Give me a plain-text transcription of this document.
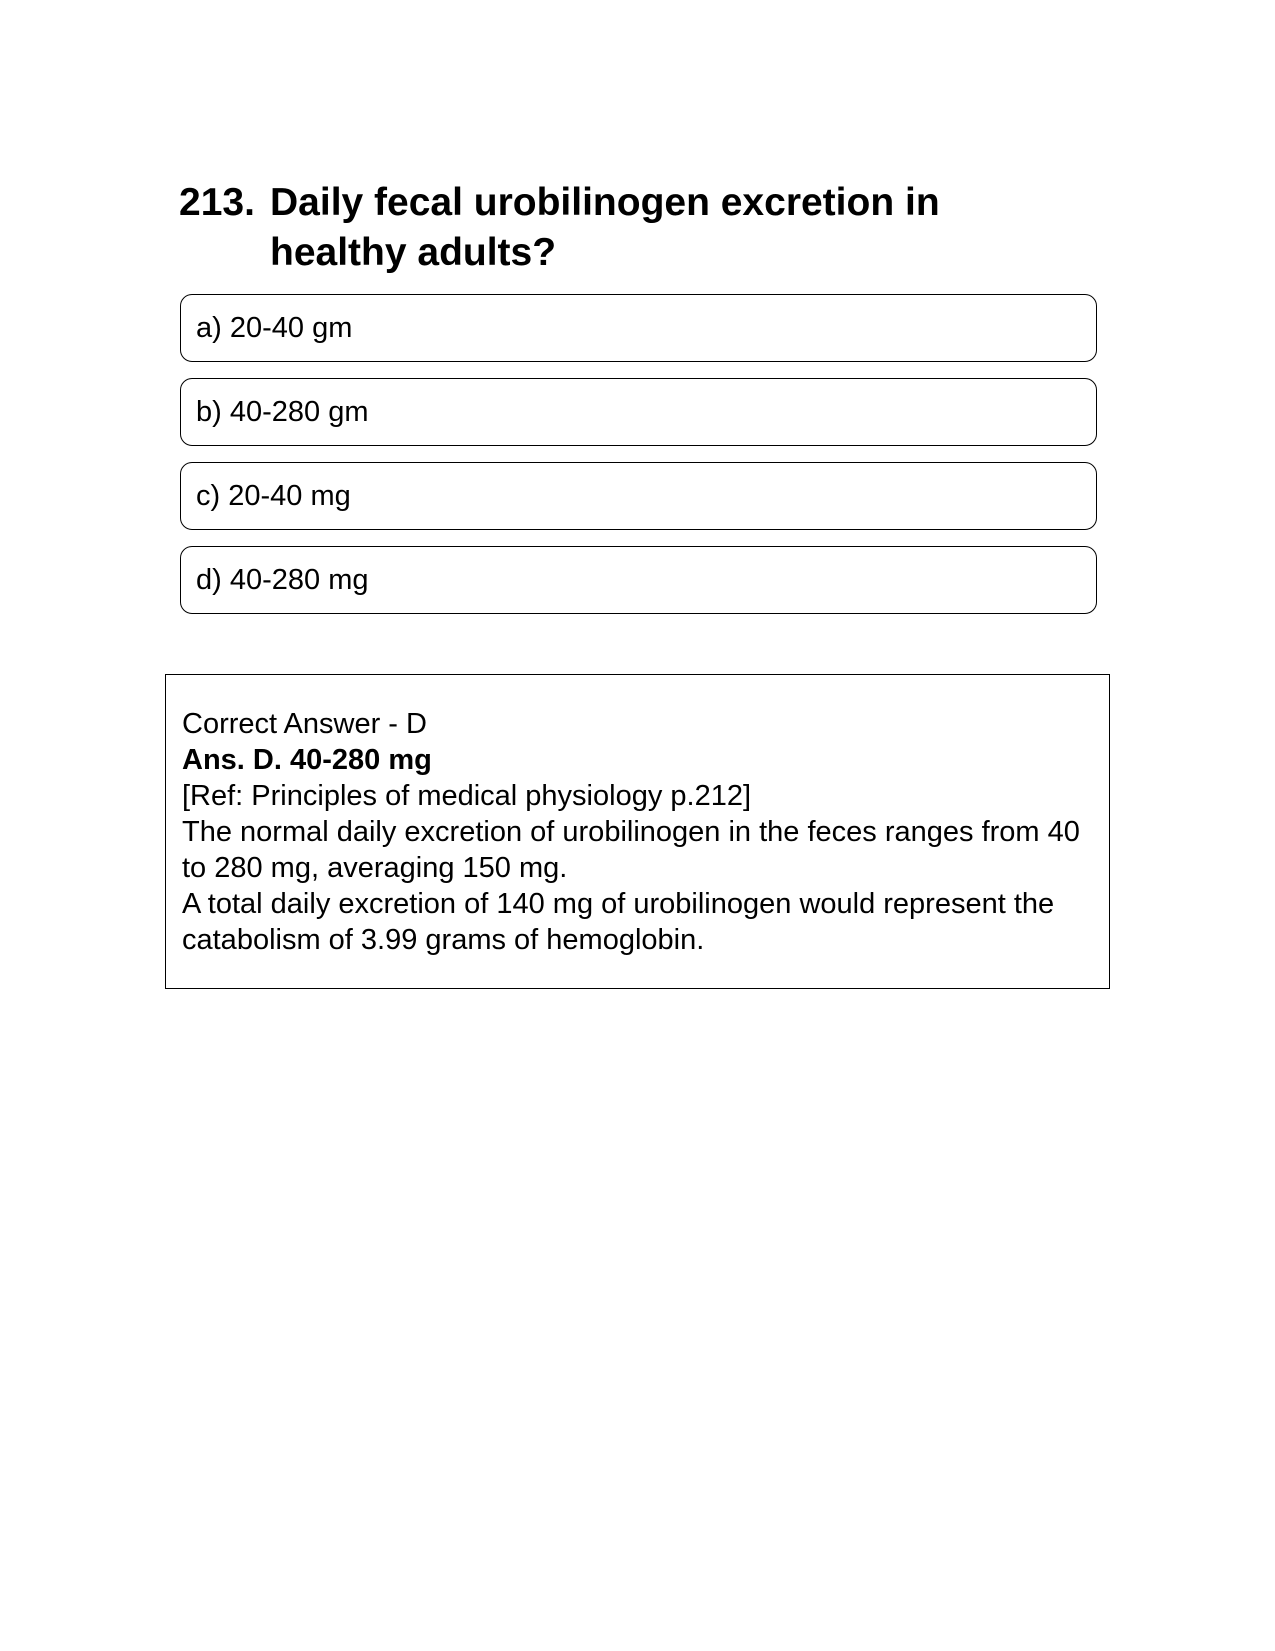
213. Daily fecal urobilinogen excretion in healthy adults?
a) 20-40 gm
b) 40-280 gm
c) 20-40 mg
d) 40-280 mg
Correct Answer - D
Ans. D. 40-280 mg
[Ref: Principles of medical physiology p.212]
The normal daily excretion of urobilinogen in the feces ranges from 40 to 280 mg, averaging 150 mg.
A total daily excretion of 140 mg of urobilinogen would represent the catabolism of 3.99 grams of hemoglobin.
